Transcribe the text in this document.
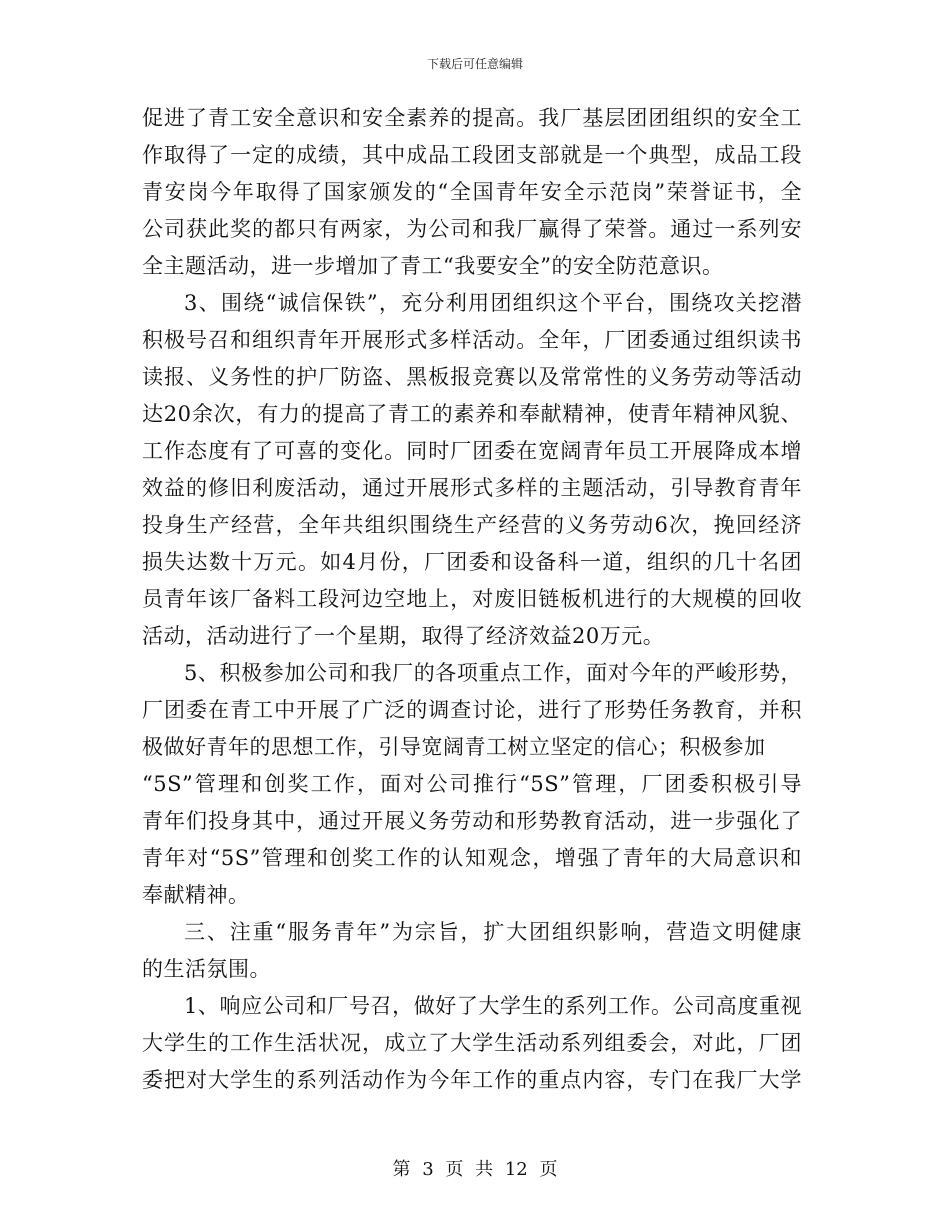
下载后可任意编辑
促进了青工安全意识和安全素养的提高。我厂基层团团组织的安全工
作取得了一定的成绩，其中成品工段团支部就是一个典型，成品工段
青安岗今年取得了国家颁发的“全国青年安全示范岗”荣誉证书，全
公司获此奖的都只有两家，为公司和我厂赢得了荣誉。通过一系列安
全主题活动，进一步增加了青工“我要安全”的安全防范意识。
3、围绕“诚信保铁”，充分利用团组织这个平台，围绕攻关挖潜
积极号召和组织青年开展形式多样活动。全年，厂团委通过组织读书
读报、义务性的护厂防盗、黑板报竞赛以及常常性的义务劳动等活动
达20余次，有力的提高了青工的素养和奉献精神，使青年精神风貌、
工作态度有了可喜的变化。同时厂团委在宽阔青年员工开展降成本增
效益的修旧利废活动，通过开展形式多样的主题活动，引导教育青年
投身生产经营，全年共组织围绕生产经营的义务劳动6次，挽回经济
损失达数十万元。如4月份，厂团委和设备科一道，组织的几十名团
员青年该厂备料工段河边空地上，对废旧链板机进行的大规模的回收
活动，活动进行了一个星期，取得了经济效益20万元。
5、积极参加公司和我厂的各项重点工作，面对今年的严峻形势，
厂团委在青工中开展了广泛的调查讨论，进行了形势任务教育，并积
极做好青年的思想工作，引导宽阔青工树立坚定的信心；积极参加
“5S”管理和创奖工作，面对公司推行“5S”管理，厂团委积极引导
青年们投身其中，通过开展义务劳动和形势教育活动，进一步强化了
青年对“5S”管理和创奖工作的认知观念，增强了青年的大局意识和
奉献精神。
三、注重“服务青年”为宗旨，扩大团组织影响，营造文明健康
的生活氛围。
1、响应公司和厂号召，做好了大学生的系列工作。公司高度重视
大学生的工作生活状况，成立了大学生活动系列组委会，对此，厂团
委把对大学生的系列活动作为今年工作的重点内容，专门在我厂大学
第 3 页 共 12 页
